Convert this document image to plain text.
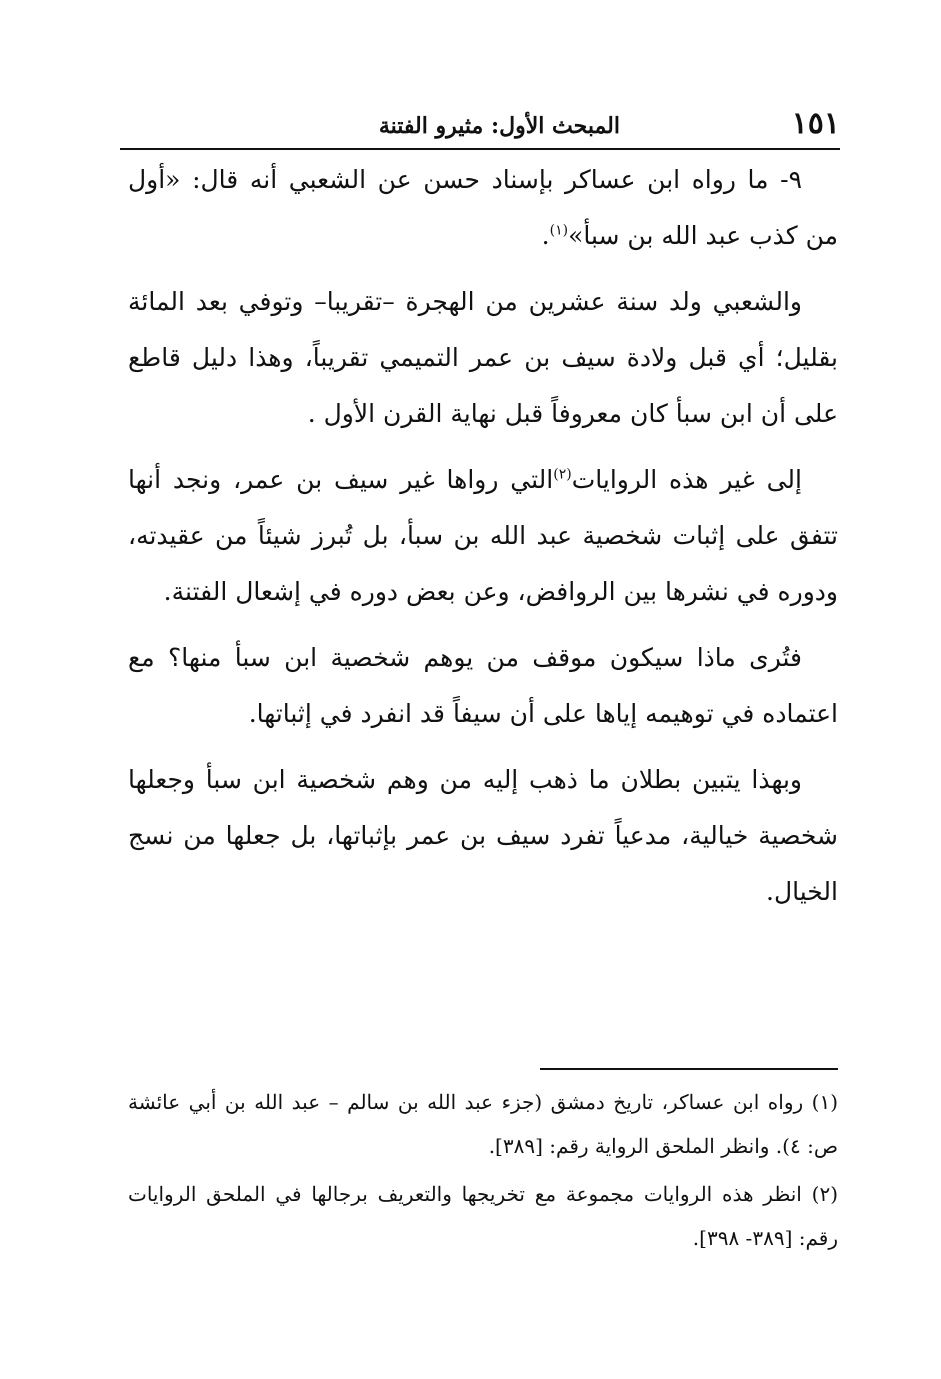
١٥١
المبحث الأول: مثيرو الفتنة

٩- ما رواه ابن عساكر بإسناد حسن عن الشعبي أنه قال: «أول من كذب عبد الله بن سبأ»$^{(١)}$.

والشعبي ولد سنة عشرين من الهجرة –تقريبا– وتوفي بعد المائة بقليل؛ أي قبل ولادة سيف بن عمر التميمي تقريباً، وهذا دليل قاطع على أن ابن سبأ كان معروفاً قبل نهاية القرن الأول .

إلى غير هذه الروايات$^{(٢)}$التي رواها غير سيف بن عمر، ونجد أنها تتفق على إثبات شخصية عبد الله بن سبأ، بل تُبرز شيئاً من عقيدته، ودوره في نشرها بين الروافض، وعن بعض دوره في إشعال الفتنة.

فتُرى ماذا سيكون موقف من يوهم شخصية ابن سبأ منها؟ مع اعتماده في توهيمه إياها على أن سيفاً قد انفرد في إثباتها.

وبهذا يتبين بطلان ما ذهب إليه من وهم شخصية ابن سبأ وجعلها شخصية خيالية، مدعياً تفرد سيف بن عمر بإثباتها، بل جعلها من نسج الخيال.

(١) رواه ابن عساكر، تاريخ دمشق (جزء عبد الله بن سالم – عبد الله بن أبي عائشة ص: ٤). وانظر الملحق الرواية رقم: [٣٨٩].

(٢) انظر هذه الروايات مجموعة مع تخريجها والتعريف برجالها في الملحق الروايات رقم: [٣٨٩- ٣٩٨].
